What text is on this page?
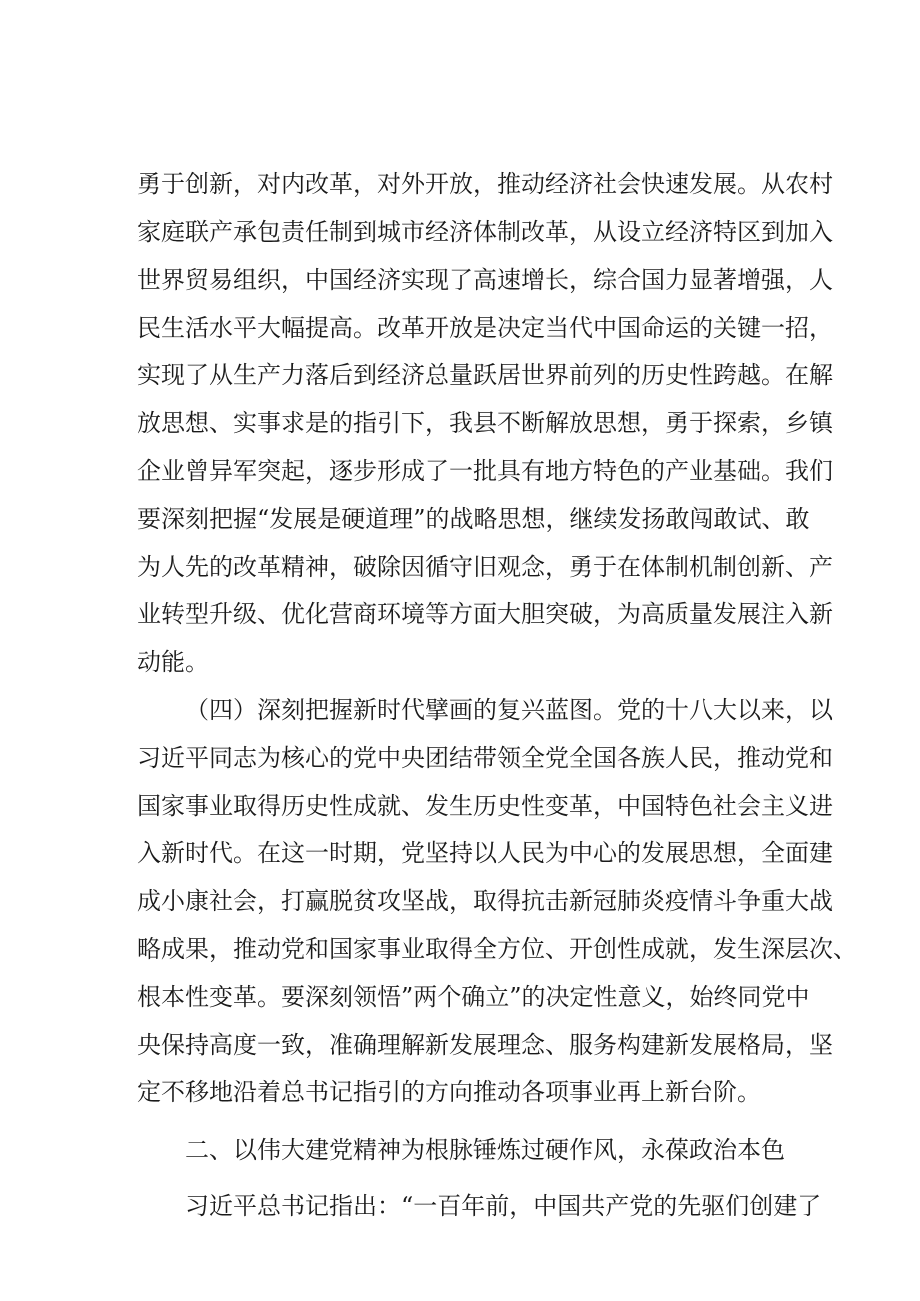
勇于创新，对内改革，对外开放，推动经济社会快速发展。从农村
家庭联产承包责任制到城市经济体制改革，从设立经济特区到加入
世界贸易组织，中国经济实现了高速增长，综合国力显著增强，人
民生活水平大幅提高。改革开放是决定当代中国命运的关键一招，
实现了从生产力落后到经济总量跃居世界前列的历史性跨越。在解
放思想、实事求是的指引下，我县不断解放思想，勇于探索，乡镇
企业曾异军突起，逐步形成了一批具有地方特色的产业基础。我们
要深刻把握“发展是硬道理”的战略思想，继续发扬敢闯敢试、敢
为人先的改革精神，破除因循守旧观念，勇于在体制机制创新、产
业转型升级、优化营商环境等方面大胆突破，为高质量发展注入新
动能。
（四）深刻把握新时代擘画的复兴蓝图。党的十八大以来，以
习近平同志为核心的党中央团结带领全党全国各族人民，推动党和
国家事业取得历史性成就、发生历史性变革，中国特色社会主义进
入新时代。在这一时期，党坚持以人民为中心的发展思想，全面建
成小康社会，打赢脱贫攻坚战，取得抗击新冠肺炎疫情斗争重大战
略成果，推动党和国家事业取得全方位、开创性成就，发生深层次、
根本性变革。要深刻领悟”两个确立”的决定性意义，始终同党中
央保持高度一致，准确理解新发展理念、服务构建新发展格局，坚
定不移地沿着总书记指引的方向推动各项事业再上新台阶。
二、以伟大建党精神为根脉锤炼过硬作风，永葆政治本色
习近平总书记指出：“一百年前，中国共产党的先驱们创建了
